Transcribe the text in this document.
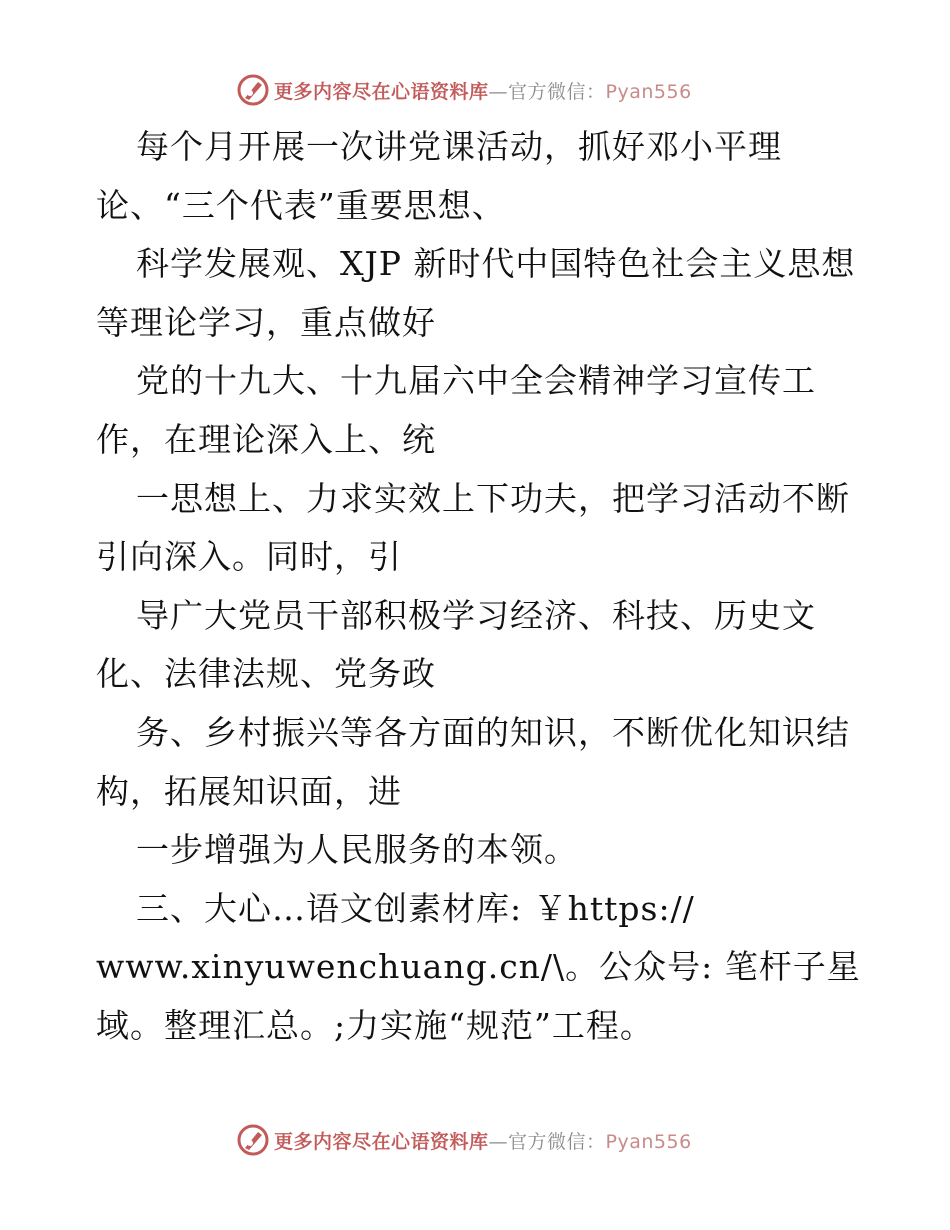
更多内容尽在心语资料库—官方微信：Pyan556
每个月开展一次讲党课活动，抓好邓小平理
论、“三个代表”重要思想、
科学发展观、XJP 新时代中国特色社会主义思想
等理论学习，重点做好
党的十九大、十九届六中全会精神学习宣传工
作，在理论深入上、统
一思想上、力求实效上下功夫，把学习活动不断
引向深入。同时，引
导广大党员干部积极学习经济、科技、历史文
化、法律法规、党务政
务、乡村振兴等各方面的知识，不断优化知识结
构，拓展知识面，进
一步增强为人民服务的本领。
三、大心…语文创素材库: ￥https://
www.xinyuwenchuang.cn/\。公众号: 笔杆子星
域。整理汇总。;力实施“规范”工程。
更多内容尽在心语资料库—官方微信：Pyan556
